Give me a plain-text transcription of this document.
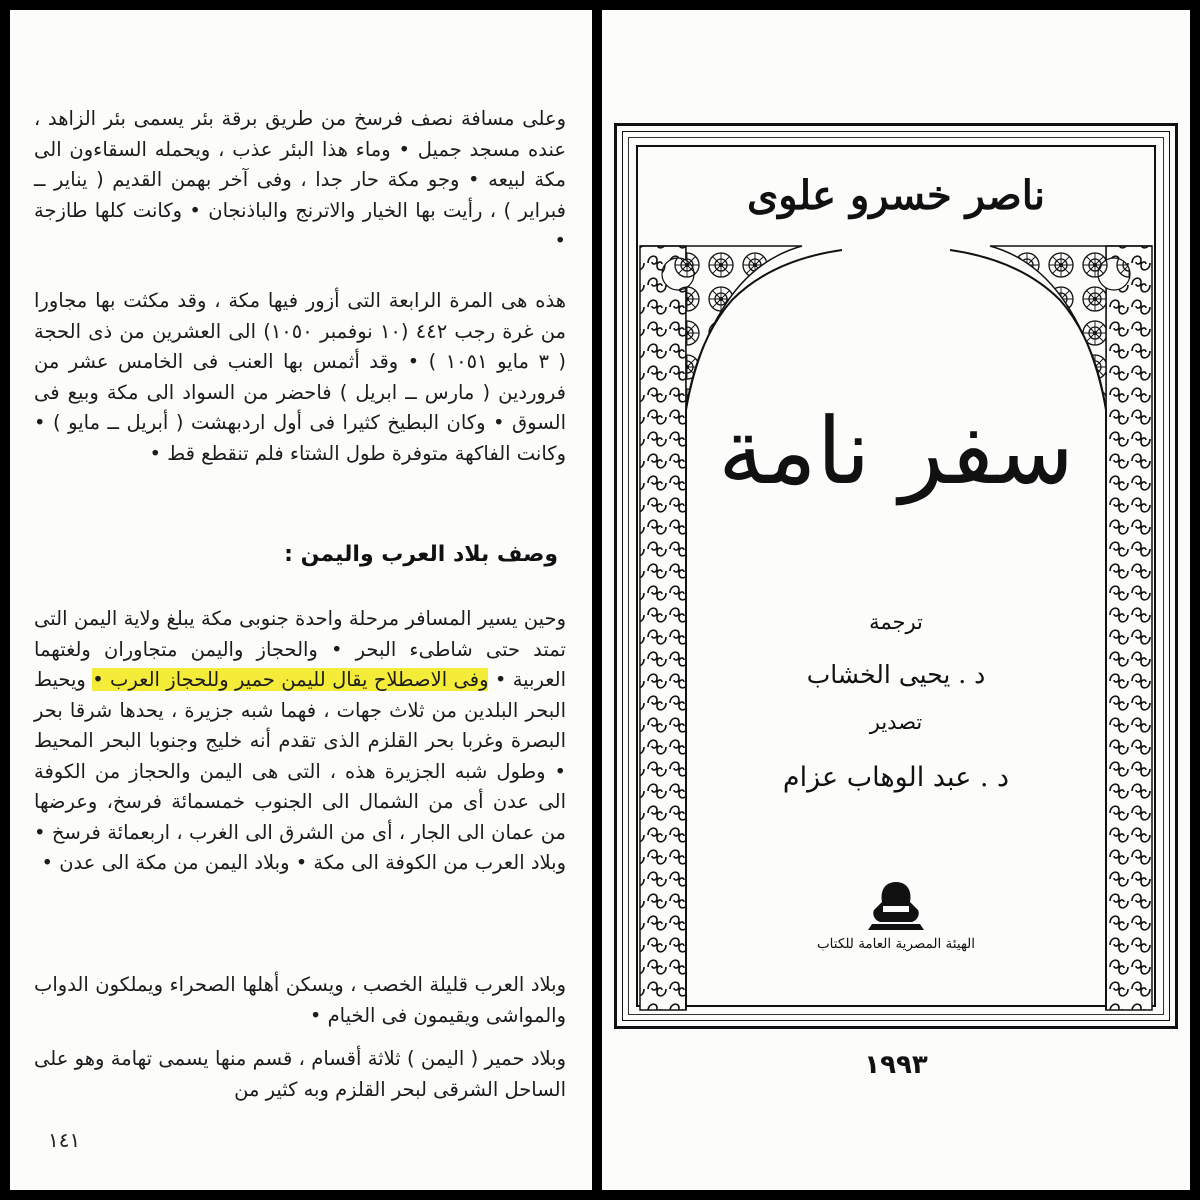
وعلى مسافة نصف فرسخ من طريق برقة بئر يسمى بئر الزاهد ، عنده مسجد جميل • وماء هذا البئر عذب ، ويحمله السقاءون الى مكة لبيعه • وجو مكة حار جدا ، وفى آخر بهمن القديم ( يناير ــ فبراير ) ، رأيت بها الخيار والاترنج والباذنجان • وكانت كلها طازجة •

هذه هى المرة الرابعة التى أزور فيها مكة ، وقد مكثت بها مجاورا من غرة رجب ٤٤٢ (١٠ نوفمبر ١٠٥٠) الى العشرين من ذى الحجة ( ٣ مايو ١٠٥١ ) • وقد أثمس بها العنب فى الخامس عشر من فروردين ( مارس ــ ابريل ) فاحضر من السواد الى مكة وبيع فى السوق • وكان البطيخ كثيرا فى أول اردبهشت ( أبريل ــ مايو ) • وكانت الفاكهة متوفرة طول الشتاء فلم تنقطع قط •

وصف بلاد العرب واليمن :

وحين يسير المسافر مرحلة واحدة جنوبى مكة يبلغ ولاية اليمن التى تمتد حتى شاطىء البحر • والحجاز واليمن متجاوران ولغتهما العربية • وفى الاصطلاح يقال لليمن حمير وللحجاز العرب • ويحيط البحر البلدين من ثلاث جهات ، فهما شبه جزيرة ، يحدها شرقا بحر البصرة وغربا بحر القلزم الذى تقدم أنه خليج وجنوبا البحر المحيط • وطول شبه الجزيرة هذه ، التى هى اليمن والحجاز من الكوفة الى عدن أى من الشمال الى الجنوب خمسمائة فرسخ، وعرضها من عمان الى الجار ، أى من الشرق الى الغرب ، اربعمائة فرسخ • وبلاد العرب من الكوفة الى مكة • وبلاد اليمن من مكة الى عدن •

وبلاد العرب قليلة الخصب ، ويسكن أهلها الصحراء ويملكون الدواب والمواشى ويقيمون فى الخيام •

وبلاد حمير ( اليمن ) ثلاثة أقسام ، قسم منها يسمى تهامة وهو على الساحل الشرقى لبحر القلزم وبه كثير من

١٤١
ناصر خسرو علوى
سفر نامة
ترجمة
د . يحيى الخشاب
تصدير
د . عبد الوهاب عزام
الهيئة المصرية العامة للكتاب
١٩٩٣
